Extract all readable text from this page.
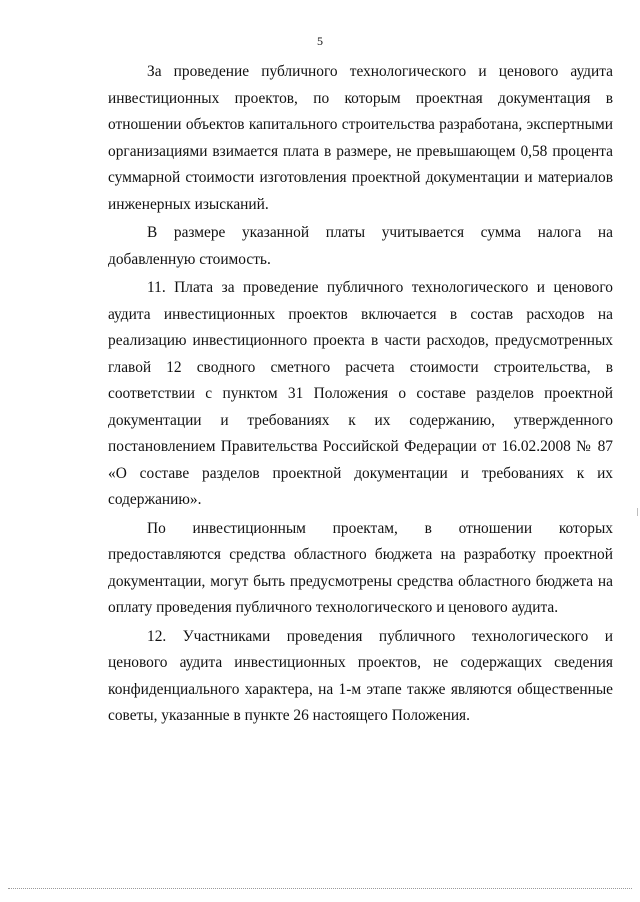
5

За проведение публичного технологического и ценового аудита инвестиционных проектов, по которым проектная документация в отношении объектов капитального строительства разработана, экспертными организациями взимается плата в размере, не превышающем 0,58 процента суммарной стоимости изготовления проектной документации и материалов инженерных изысканий.

В размере указанной платы учитывается сумма налога на добавленную стоимость.

11. Плата за проведение публичного технологического и ценового аудита инвестиционных проектов включается в состав расходов на реализацию инвестиционного проекта в части расходов, предусмотренных главой 12 сводного сметного расчета стоимости строительства, в соответствии с пунктом 31 Положения о составе разделов проектной документации и требованиях к их содержанию, утвержденного постановлением Правительства Российской Федерации от 16.02.2008 № 87 «О составе разделов проектной документации и требованиях к их содержанию».

По инвестиционным проектам, в отношении которых предоставляются средства областного бюджета на разработку проектной документации, могут быть предусмотрены средства областного бюджета на оплату проведения публичного технологического и ценового аудита.

12. Участниками проведения публичного технологического и ценового аудита инвестиционных проектов, не содержащих сведения конфиденциального характера, на 1-м этапе также являются общественные советы, указанные в пункте 26 настоящего Положения.
